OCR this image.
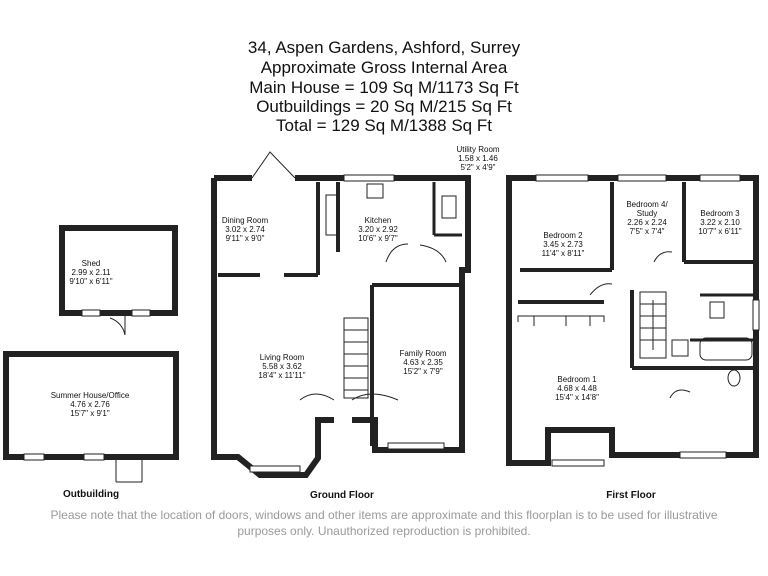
34, Aspen Gardens, Ashford, Surrey
Approximate Gross Internal Area
Main House = 109 Sq M/1173 Sq Ft
Outbuildings = 20 Sq M/215 Sq Ft
Total = 129 Sq M/1388 Sq Ft
Shed
2.99 x 2.11
9'10" x 6'11"
Summer House/Office
4.76 x 2.76
15'7" x 9'1"
Dining Room
3.02 x 2.74
9'11" x 9'0"
Kitchen
3.20 x 2.92
10'6" x 9'7"
Utility Room
1.58 x 1.46
5'2" x 4'9"
Living Room
5.58 x 3.62
18'4" x 11'11"
Family Room
4.63 x 2.35
15'2" x 7'9"
Bedroom 2
3.45 x 2.73
11'4" x 8'11"
Bedroom 4/
Study
2.26 x 2.24
7'5" x 7'4"
Bedroom 3
3.22 x 2.10
10'7" x 6'11"
Bedroom 1
4.68 x 4.48
15'4" x 14'8"
Outbuilding	Ground Floor	First Floor
Please note that the location of doors, windows and other items are approximate and this floorplan is to be used for illustrative
purposes only. Unauthorized reproduction is prohibited.
